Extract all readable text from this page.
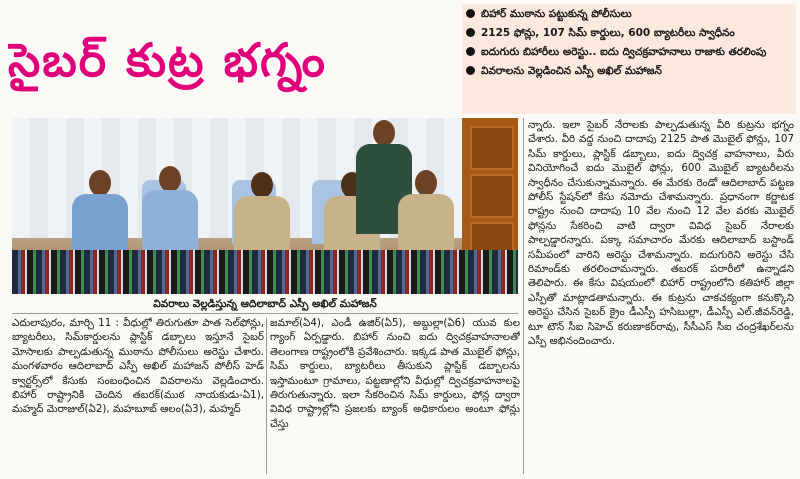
సైబర్ కుట్ర భగ్నం
బిహార్ ముఠాను పట్టుకున్న పోలీసులు
2125 ఫోన్లు, 107 సిమ్ కార్డులు, 600 బ్యాటరీలు స్వాధీనం
ఐదుగురు బిహారీలు అరెస్టు.. ఐదు ద్విచక్రవాహనాలు రాజాకు తరలింపు
వివరాలను వెల్లడించిన ఎస్పీ అఖిల్ మహాజన్
వివరాలు వెల్లడిస్తున్న ఆదిలాబాద్ ఎస్పీ అఖిల్ మహాజన్

ఎదులాపురం, మార్చి 11 : వీధుల్లో తిరుగుతూ పాత సెల్‌ఫోన్లు, బ్యాటరీలు, సిమ్‌కార్డులను ప్లాస్టిక్ డబ్బాలు ఇస్తూనే సైబర్ మోసాలకు పాల్పడుతున్న ముఠాను పోలీసులు అరెస్టు చేశారు. మంగళవారం ఆదిలాబాద్ ఎస్పీ అఖిల్ మహాజన్ పోలీస్ హెడ్ క్వార్టర్స్‌లో కేసుకు సంబంధించిన వివరాలను వెల్లడించారు. బిహార్ రాష్ట్రానికి చెందిన తబరక్(ముఠ నాయకుడు-ఏ1), మహ్మద్ మెరాజుల్(ఏ2), మహబూబ్ ఆలం(ఏ3), మహ్మద్

జమాల్(ఏ4), ఎండీ ఉజిర్(ఏ5), అబ్దుల్లా(ఏ6) యువ కుల గ్యాంగ్ ఏర్పడ్డారు. బిహార్ నుంచి ఐదు ద్విచక్రవాహనాలతో తెలంగాణ రాష్ట్రంలోకి ప్రవేశించారు. ఇక్కడ పాత మొబైల్ ఫోన్లు, సిమ్ కార్డులు, బ్యాటరీలు తీసుకుని ప్లాస్టిక్ డబ్బాలను ఇస్తామంటూ గ్రామాలు, పట్టణాల్లోని వీధుల్లో ద్విచక్రవాహనాలపై తిరుగుతున్నారు. ఇలా సేకరించిన సిమ్ కార్డులు, ఫోన్ల ద్వారా వివిధ రాష్ట్రాల్లోని ప్రజలకు బ్యాంక్ అధికారులం అంటూ ఫోన్లు చేస్తు

న్నారు. ఇలా సైబర్ నేరాలకు పాల్పడుతున్న వీరి కుట్రను భగ్నం చేశారు. వీరి వద్ద నుంచి దాదాపు 2125 పాత మొబైల్ ఫోన్లు, 107 సిమ్ కార్డులు, ప్లాస్టిక్ డబ్బాలు, ఐదు ద్విచక్ర వాహనాలు, వీరు వినియోగించే ఐదు మొబైల్ ఫోన్లు, 600 మొబైల్ బ్యాటరీలను స్వాధీనం చేసుకున్నామన్నారు. ఈ మేరకు రెండో ఆదిలాబాద్ పట్టణ పోలీస్ స్టేషన్‌లో కేసు నమోదు చేశామన్నారు. ప్రధానంగా కర్ణాటక రాష్ట్రం నుంచి దాదాపు 10 వేల నుంచి 12 వేల వరకు మొబైల్ ఫోన్లను సేకరించి వాటి ద్వారా వివిధ సైబర్ నేరాలకు పాల్పడ్డారన్నారు. పక్కా సమాచారం మేరకు ఆదిలాబాద్ బస్టాండ్ సమీపంలో వారిని అరెస్టు చేశామన్నారు. ఐదుగురిని అరెస్టు చేసి రిమాండ్‌కు తరలించామన్నారు. తబరక్ పరారీలో ఉన్నాడని తెలిపారు. ఈ కేసు విషయంలో బిహార్ రాష్ట్రంలోని కతిహార్ జిల్లా ఎస్పీతో మాట్లాడతామన్నారు. ఈ కుట్రను చాకచక్యంగా కనుక్కొని అరెస్టు చేసిన సైబర్ క్రైం డీఎస్పీ హసిబుల్లా, డీఎస్పీ ఎల్.జీవన్‌రెడ్డి, టూ టౌన్ సీఐ సిహెచ్ కరుణాకర్‌రావు, సీసీఎస్ సీఐ చంద్రశేఖర్‌లను ఎస్పీ అభినందించారు.
